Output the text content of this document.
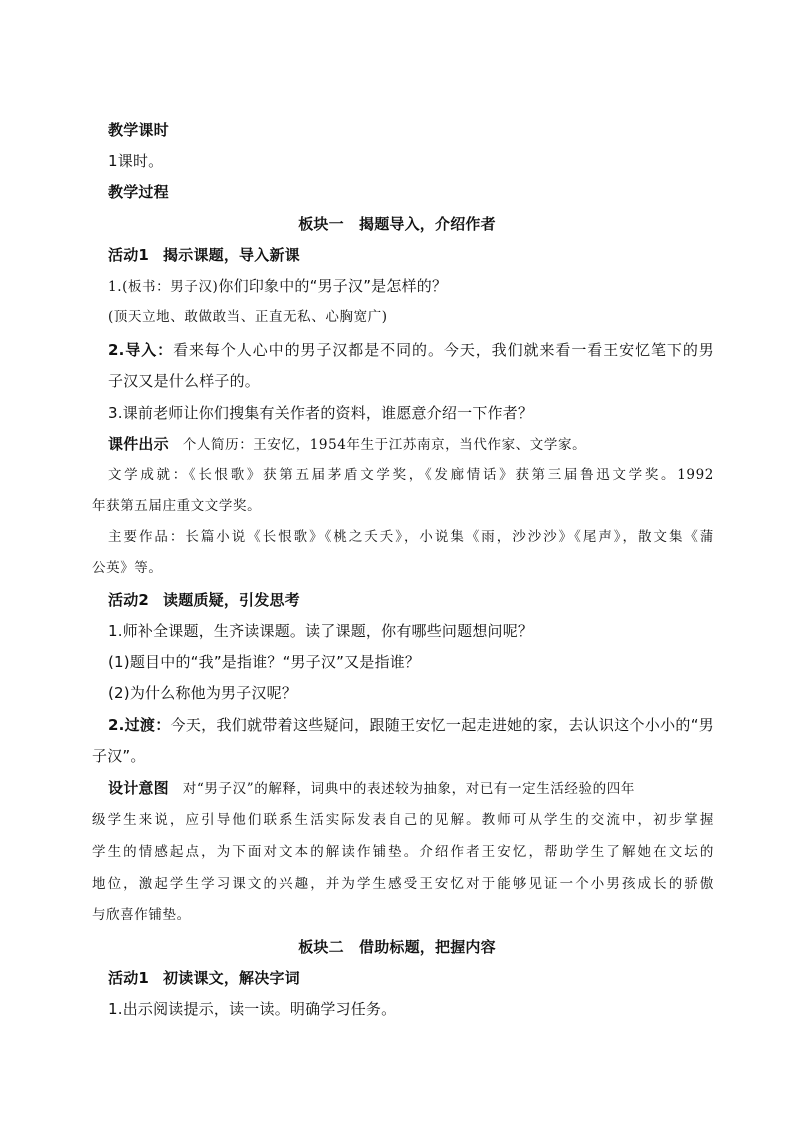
教学课时
1课时。
教学过程
板块一　揭题导入，介绍作者
活动1 揭示课题，导入新课
1.(板书：男子汉)你们印象中的“男子汉”是怎样的？
(顶天立地、敢做敢当、正直无私、心胸宽广)
2.导入：看来每个人心中的男子汉都是不同的。今天，我们就来看一看王安忆笔下的男
子汉又是什么样子的。
3.课前老师让你们搜集有关作者的资料，谁愿意介绍一下作者？
课件出示 个人简历：王安忆，1954年生于江苏南京，当代作家、文学家。
文学成就：《长恨歌》获第五届茅盾文学奖，《发廊情话》获第三届鲁迅文学奖。1992
年获第五届庄重文文学奖。
主要作品：长篇小说《长恨歌》《桃之夭夭》，小说集《雨，沙沙沙》《尾声》，散文集《蒲
公英》等。
活动2 读题质疑，引发思考
1.师补全课题，生齐读课题。读了课题，你有哪些问题想问呢？
(1)题目中的“我”是指谁？“男子汉”又是指谁？
(2)为什么称他为男子汉呢？
2.过渡：今天，我们就带着这些疑问，跟随王安忆一起走进她的家，去认识这个小小的“男
子汉”。
设计意图 对“男子汉”的解释，词典中的表述较为抽象，对已有一定生活经验的四年
级学生来说，应引导他们联系生活实际发表自己的见解。教师可从学生的交流中，初步掌握
学生的情感起点，为下面对文本的解读作铺垫。介绍作者王安忆，帮助学生了解她在文坛的
地位，激起学生学习课文的兴趣，并为学生感受王安忆对于能够见证一个小男孩成长的骄傲
与欣喜作铺垫。
板块二　借助标题，把握内容
活动1 初读课文，解决字词
1.出示阅读提示，读一读。明确学习任务。
